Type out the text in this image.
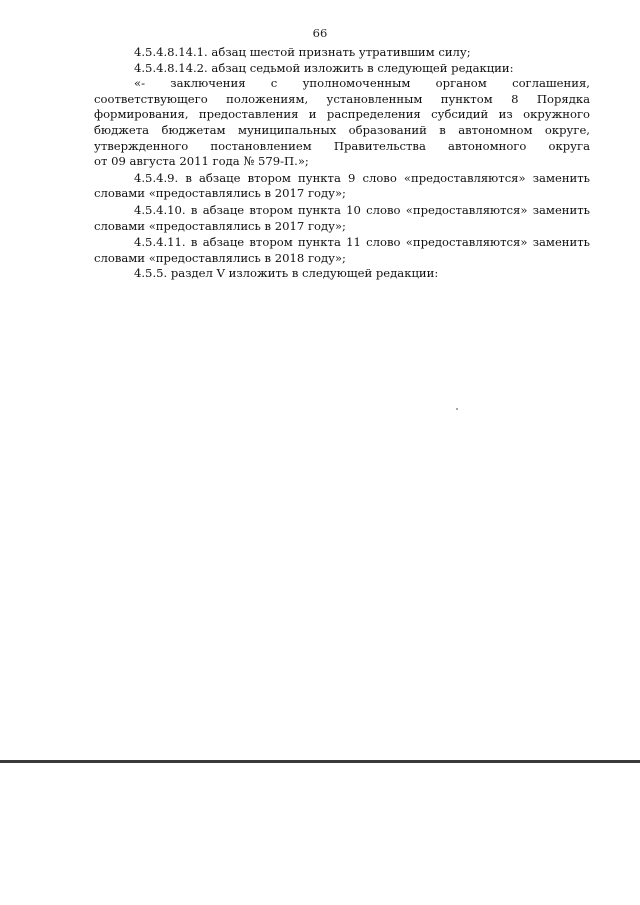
66
4.5.4.8.14.1. абзац шестой признать утратившим силу;
4.5.4.8.14.2. абзац седьмой изложить в следующей редакции:
«- заключения с уполномоченным органом соглашения,
соответствующего положениям, установленным пунктом 8 Порядка
формирования, предоставления и распределения субсидий из окружного
бюджета бюджетам муниципальных образований в автономном округе,
утвержденного постановлением Правительства автономного округа
от 09 августа 2011 года № 579-П.»;
4.5.4.9. в абзаце втором пункта 9 слово «предоставляются» заменить
словами «предоставлялись в 2017 году»;
4.5.4.10. в абзаце втором пункта 10 слово «предоставляются» заменить
словами «предоставлялись в 2017 году»;
4.5.4.11. в абзаце втором пункта 11 слово «предоставляются» заменить
словами «предоставлялись в 2018 году»;
4.5.5. раздел V изложить в следующей редакции:
